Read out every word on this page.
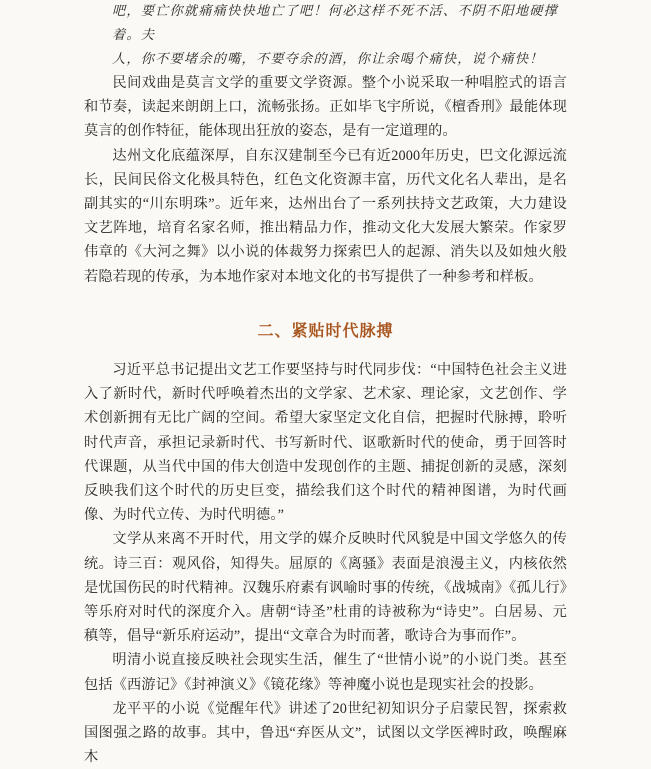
吧，要亡你就痛痛快快地亡了吧！何必这样不死不活、不阴不阳地硬撑着。夫
人，你不要堵余的嘴，不要夺余的酒，你让余喝个痛快，说个痛快！

民间戏曲是莫言文学的重要文学资源。整个小说采取一种唱腔式的语言和节奏，读起来朗朗上口，流畅张扬。正如毕飞宇所说，《檀香刑》最能体现莫言的创作特征，能体现出狂放的姿态，是有一定道理的。

达州文化底蕴深厚，自东汉建制至今已有近2000年历史，巴文化源远流长，民间民俗文化极具特色，红色文化资源丰富，历代文化名人辈出，是名副其实的“川东明珠”。近年来，达州出台了一系列扶持文艺政策，大力建设文艺阵地，培育名家名师，推出精品力作，推动文化大发展大繁荣。作家罗伟章的《大河之舞》以小说的体裁努力探索巴人的起源、消失以及如烛火般若隐若现的传承，为本地作家对本地文化的书写提供了一种参考和样板。

二、紧贴时代脉搏

习近平总书记提出文艺工作要坚持与时代同步伐：“中国特色社会主义进入了新时代，新时代呼唤着杰出的文学家、艺术家、理论家，文艺创作、学术创新拥有无比广阔的空间。希望大家坚定文化自信，把握时代脉搏，聆听时代声音，承担记录新时代、书写新时代、讴歌新时代的使命，勇于回答时代课题，从当代中国的伟大创造中发现创作的主题、捕捉创新的灵感，深刻反映我们这个时代的历史巨变，描绘我们这个时代的精神图谱，为时代画像、为时代立传、为时代明德。”

文学从来离不开时代，用文学的媒介反映时代风貌是中国文学悠久的传统。诗三百：观风俗，知得失。屈原的《离骚》表面是浪漫主义，内核依然是忧国伤民的时代精神。汉魏乐府素有讽喻时事的传统，《战城南》《孤儿行》等乐府对时代的深度介入。唐朝“诗圣”杜甫的诗被称为“诗史”。白居易、元稹等，倡导“新乐府运动”，提出“文章合为时而著，歌诗合为事而作”。

明清小说直接反映社会现实生活，催生了“世情小说”的小说门类。甚至包括《西游记》《封神演义》《镜花缘》等神魔小说也是现实社会的投影。

龙平平的小说《觉醒年代》讲述了20世纪初知识分子启蒙民智，探索救国图强之路的故事。其中，鲁迅“弃医从文”，试图以文学医裨时政，唤醒麻木
